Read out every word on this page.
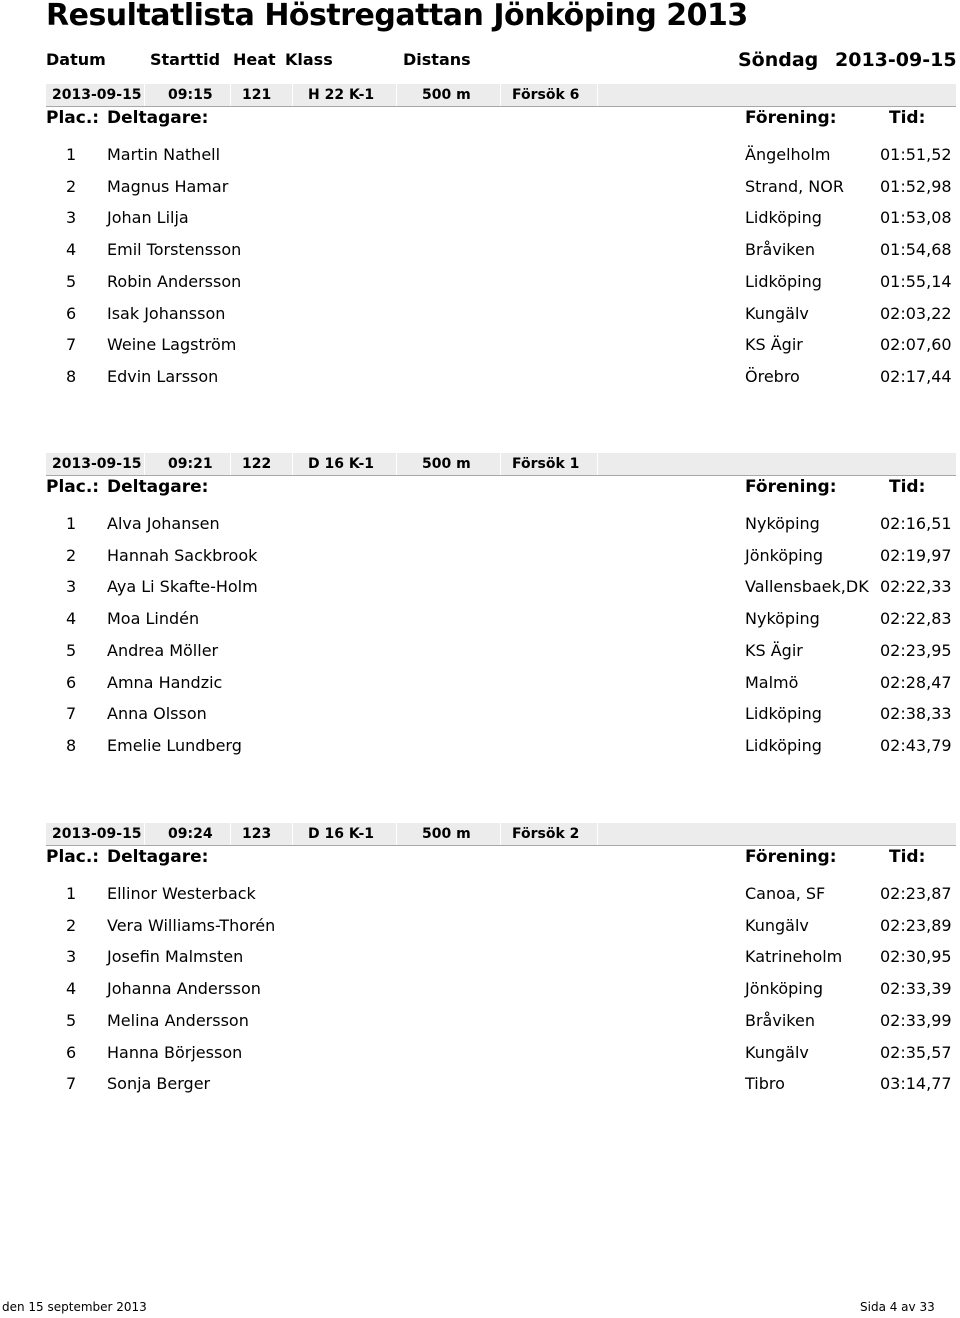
Resultatlista Höstregattan Jönköping 2013
Datum	Starttid Heat Klass	Distans	Söndag 2013-09-15
2013-09-15 09:15 121	H 22 K-1	500 m	Försök 6
Plac.: Deltagare:	Förening:	Tid:
1 Martin Nathell	Ängelholm	01:51,52
2 Magnus Hamar	Strand, NOR 01:52,98
3 Johan Lilja	Lidköping	01:53,08
4 Emil Torstensson	Bråviken	01:54,68
5 Robin Andersson	Lidköping	01:55,14
6 Isak Johansson	Kungälv	02:03,22
7 Weine Lagström	KS Ägir	02:07,60
8 Edvin Larsson	Örebro	02:17,44
2013-09-15 09:21 122	D 16 K-1	500 m	Försök 1
Plac.: Deltagare:	Förening:	Tid:
1 Alva Johansen	Nyköping	02:16,51
2 Hannah Sackbrook	Jönköping	02:19,97
3 Aya Li Skafte-Holm	Vallensbaek,DK 02:22,33
4 Moa Lindén	Nyköping	02:22,83
5 Andrea Möller	KS Ägir	02:23,95
6 Amna Handzic	Malmö	02:28,47
7 Anna Olsson	Lidköping	02:38,33
8 Emelie Lundberg	Lidköping	02:43,79
2013-09-15 09:24 123	D 16 K-1	500 m	Försök 2
Plac.: Deltagare:	Förening:	Tid:
1 Ellinor Westerback	Canoa, SF	02:23,87
2 Vera Williams-Thorén	Kungälv	02:23,89
3 Josefin Malmsten	Katrineholm 02:30,95
4 Johanna Andersson	Jönköping	02:33,39
5 Melina Andersson	Bråviken	02:33,99
6 Hanna Börjesson	Kungälv	02:35,57
7 Sonja Berger	Tibro	03:14,77
den 15 september 2013	Sida 4 av 33
